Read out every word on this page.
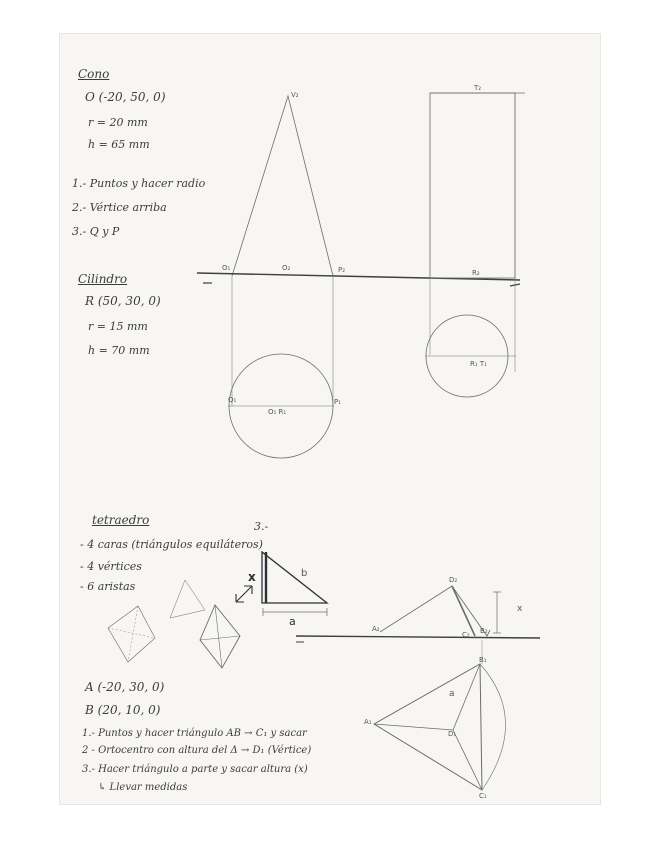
Cono
O (-20, 50, 0)
r = 20 mm
h = 65 mm
1.- Puntos y hacer radio
2.- Vértice arriba
3.- Q y P
Cilindro
R (50, 30, 0)
r = 15 mm
h = 70 mm
V₂
T₂
O₁	O₂	P₂	R₂
R₁ T₁
Q₁	P₁
O₁ R₁
tetraedro	3.-
- 4 caras (triángulos equiláteros)
- 4 vértices
- 6 aristas
x	b
a
D₂
A₂
C₂ B₂
x
A₁
B₁
C₁
D₁
a
A (-20, 30, 0)
B (20, 10, 0)
1.- Puntos y hacer triángulo AB → C₁ y sacar
2 - Ortocentro con altura del Δ → D₁ (Vértice)
3.- Hacer triángulo a parte y sacar altura (x)
↳ Llevar medidas
